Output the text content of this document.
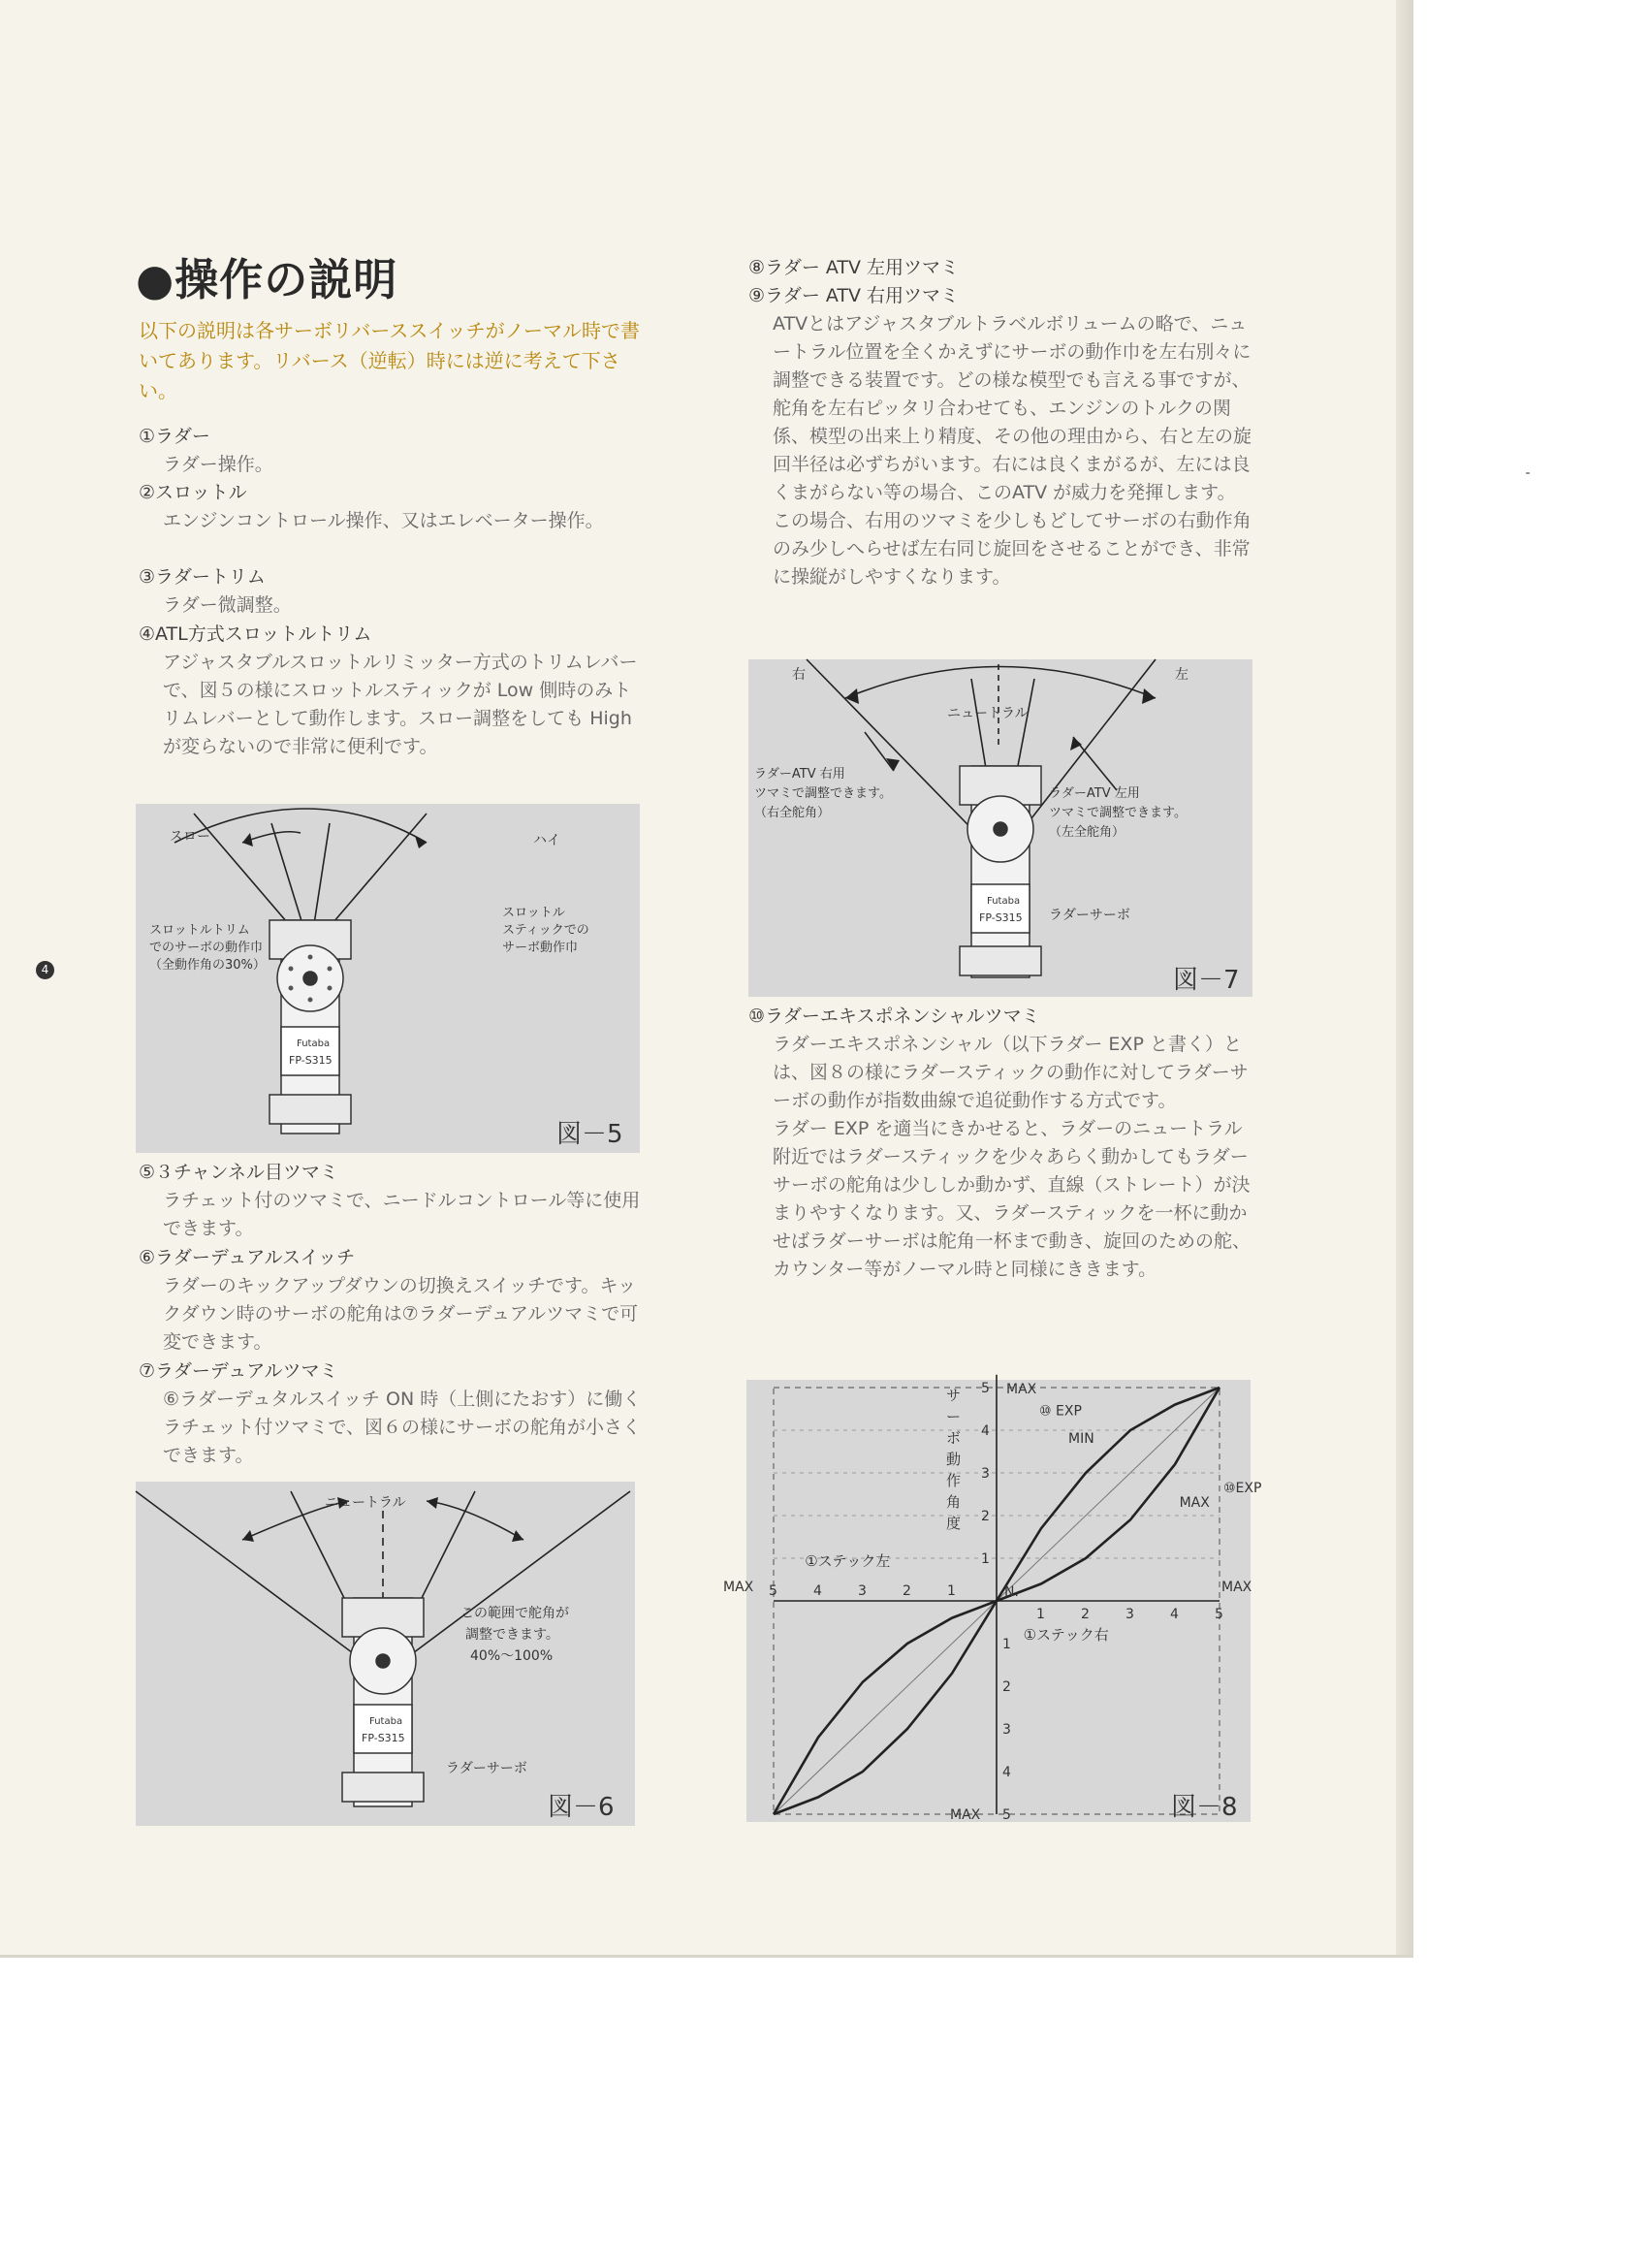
4
●操作の説明
以下の説明は各サーボリバーススイッチがノーマル時で書いてあります。リバース（逆転）時には逆に考えて下さい。
①ラダー
ラダー操作。
②スロットル
エンジンコントロール操作、又はエレベーター操作。
③ラダートリム
ラダー微調整。
④ATL方式スロットルトリム
アジャスタブルスロットルリミッター方式のトリムレバーで、図５の様にスロットルスティックが Low 側時のみトリムレバーとして動作します。スロー調整をしても High が変らないので非常に便利です。
スロー	ハイ
スロットルトリム
でのサーボの動作巾
（全動作角の30%）
スロットル
スティックでの
サーボ動作巾
Futaba
FP-S315
図－5
⑤３チャンネル目ツマミ
ラチェット付のツマミで、ニードルコントロール等に使用できます。
⑥ラダーデュアルスイッチ
ラダーのキックアップダウンの切換えスイッチです。キックダウン時のサーボの舵角は⑦ラダーデュアルツマミで可変できます。
⑦ラダーデュアルツマミ
⑥ラダーデュタルスイッチ ON 時（上側にたおす）に働くラチェット付ツマミで、図６の様にサーボの舵角が小さくできます。
ニュートラル
この範囲で舵角が
調整できます。
40%～100%
ラダーサーボ
Futaba
FP-S315
図－6
⑧ラダー ATV 左用ツマミ
⑨ラダー ATV 右用ツマミ
ATVとはアジャスタブルトラベルボリュームの略で、ニュートラル位置を全くかえずにサーボの動作巾を左右別々に調整できる装置です。どの様な模型でも言える事ですが、舵角を左右ピッタリ合わせても、エンジンのトルクの関係、模型の出来上り精度、その他の理由から、右と左の旋回半径は必ずちがいます。右には良くまがるが、左には良くまがらない等の場合、このATV が威力を発揮します。この場合、右用のツマミを少しもどしてサーボの右動作角のみ少しへらせば左右同じ旋回をさせることができ、非常に操縦がしやすくなります。
右	左
ニュートラル
ラダーATV 右用
ツマミで調整できます。
（右全舵角）
ラダーATV 左用
ツマミで調整できます。
（左全舵角）
ラダーサーボ
Futaba
FP-S315
図－7
⑩ラダーエキスポネンシャルツマミ
ラダーエキスポネンシャル（以下ラダー EXP と書く）とは、図８の様にラダースティックの動作に対してラダーサーボの動作が指数曲線で追従動作する方式です。
ラダー EXP を適当にきかせると、ラダーのニュートラル附近ではラダースティックを少々あらく動かしてもラダーサーボの舵角は少ししか動かず、直線（ストレート）が決まりやすくなります。又、ラダースティックを一杯に動かせばラダーサーボは舵角一杯まで動き、旋回のための舵、カウンター等がノーマル時と同様にききます。
1
1
1
1
2
2
2
2
3
3
3
3
4
4
4
4
5
5
5
5
N.
MAX	MAX
MAX
MAX
MAX
⑩ EXP
MIN
⑩EXP
①ステック左
①ステック右
サ
ー
ボ
動
作
角
度
図－8
